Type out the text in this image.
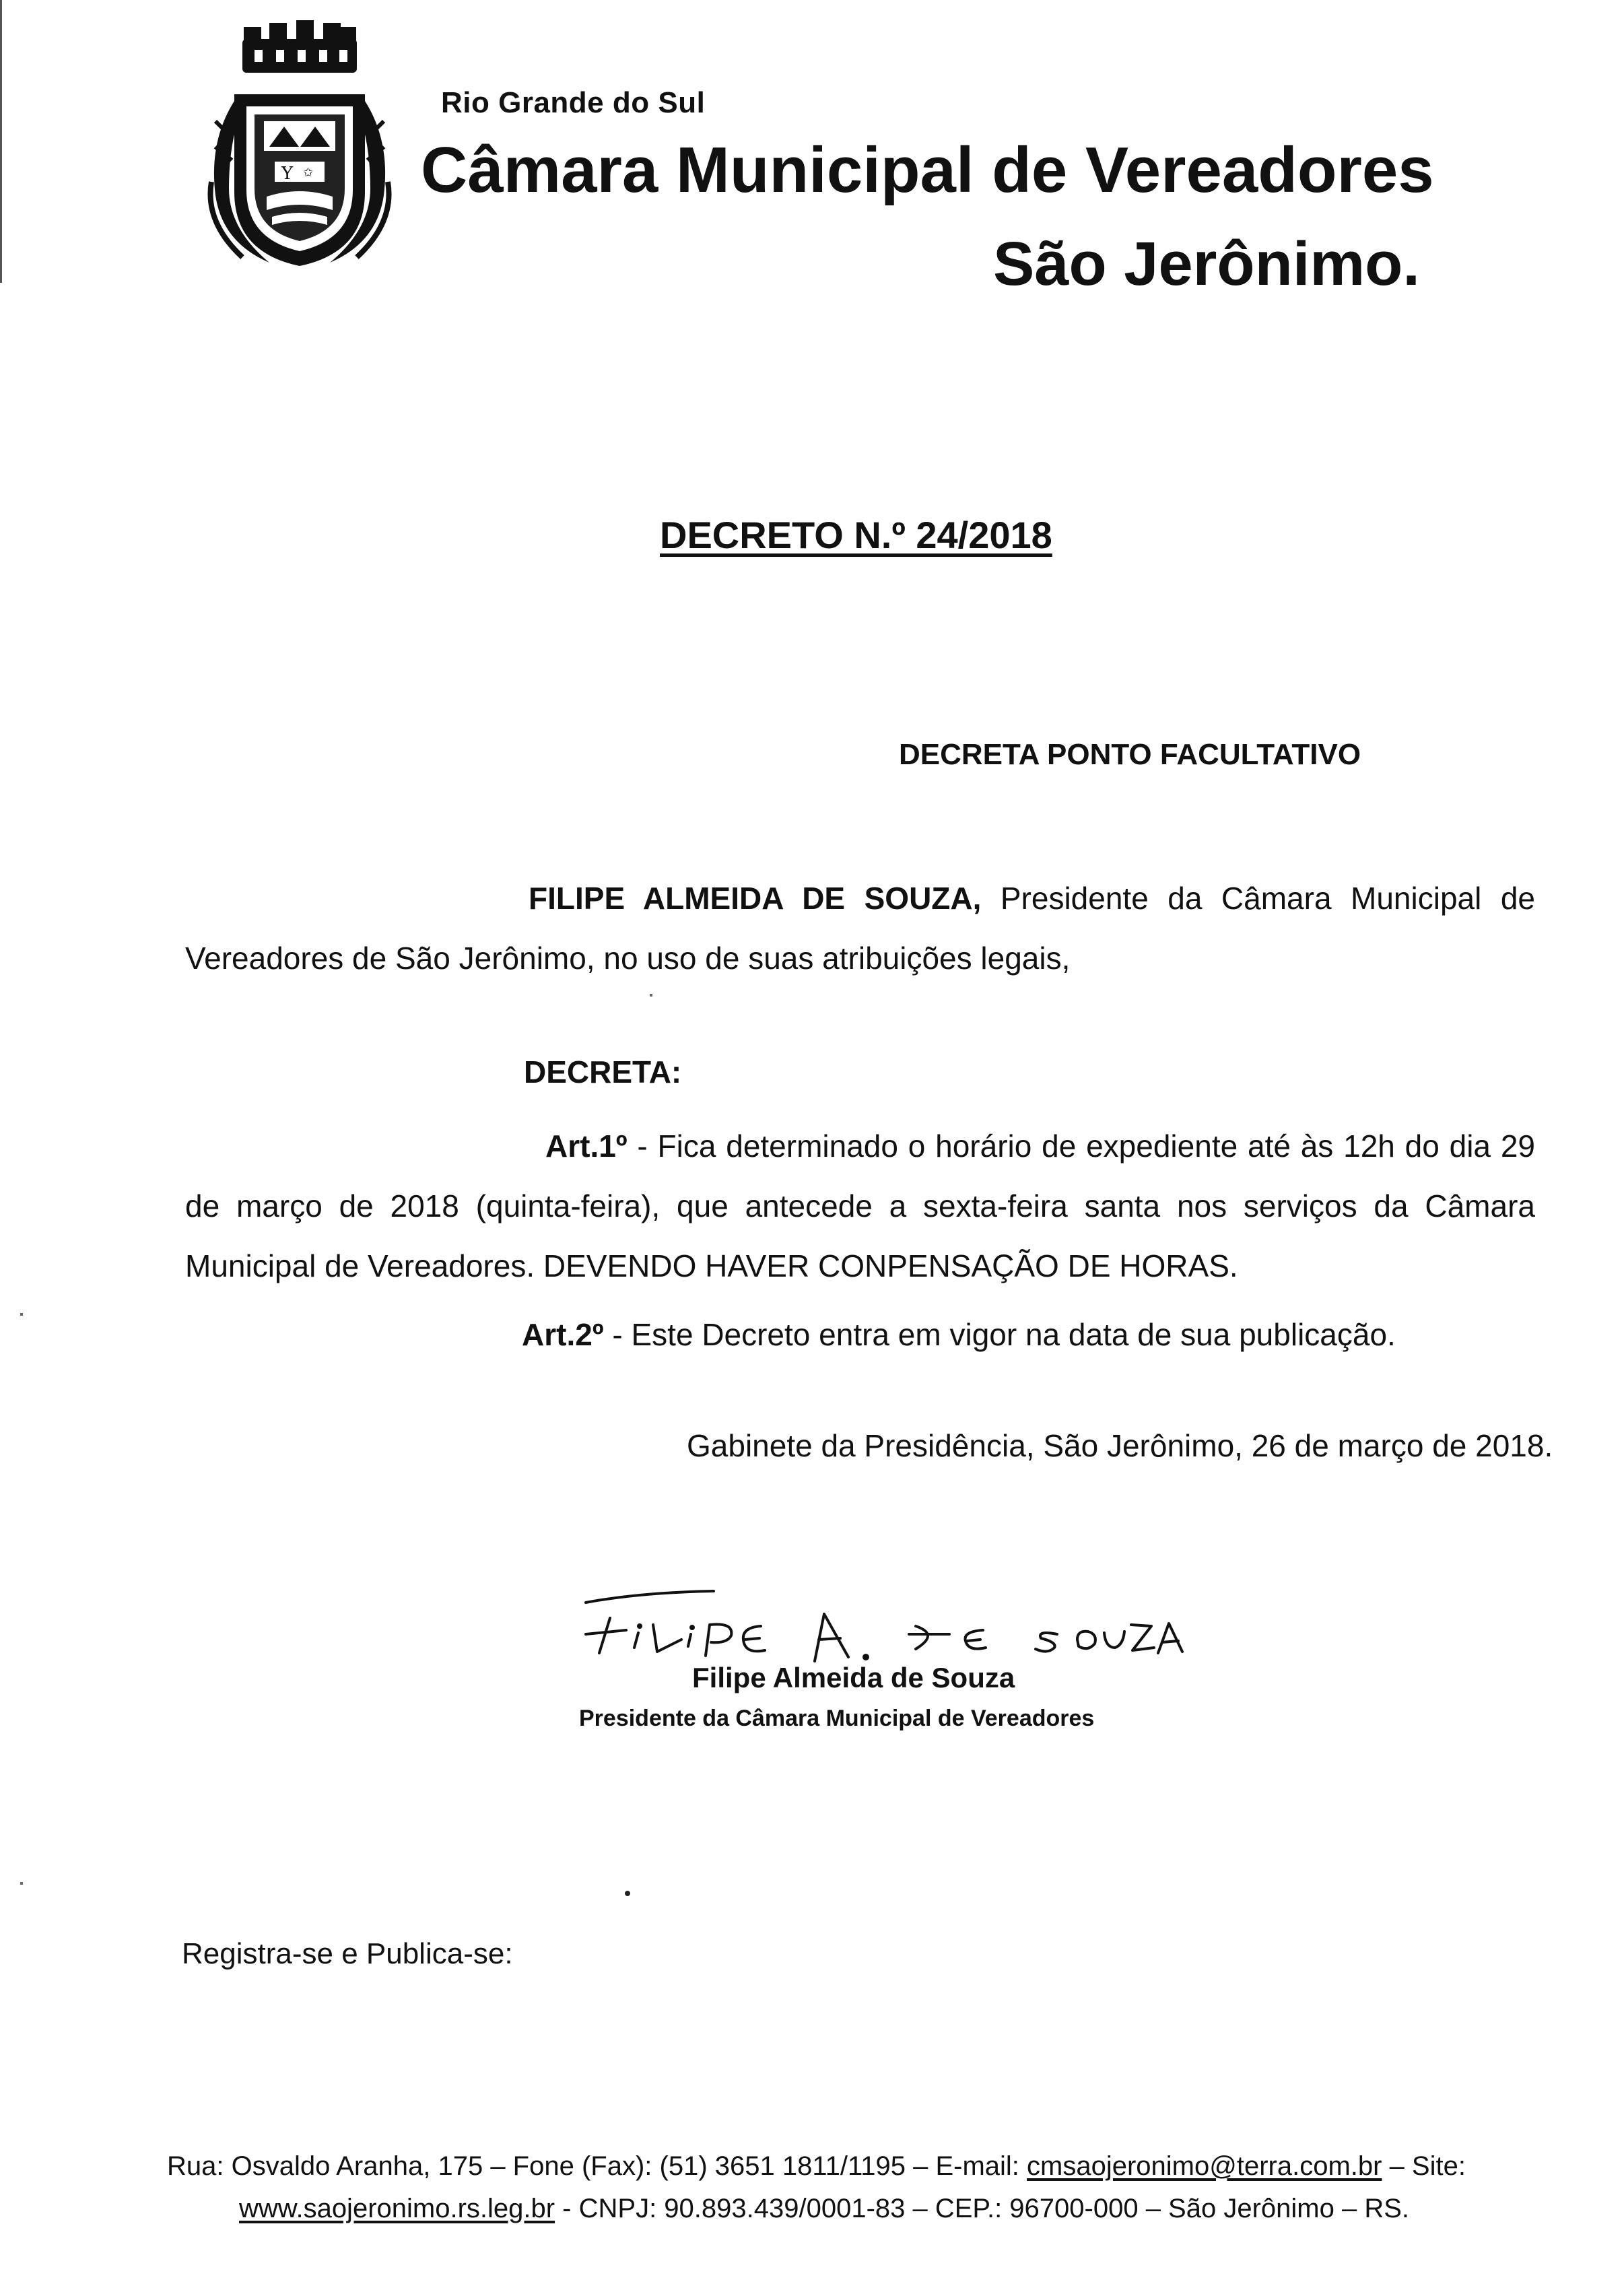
Y ✩
Rio Grande do Sul
Câmara Municipal de Vereadores
São Jerônimo.
DECRETO N.º 24/2018
DECRETA PONTO FACULTATIVO
FILIPE ALMEIDA DE SOUZA, Presidente da Câmara Municipal de Vereadores de São Jerônimo, no uso de suas atribuições legais,
DECRETA:
Art.1º - Fica determinado o horário de expediente até às 12h do dia 29 de março de 2018 (quinta-feira), que antecede a sexta-feira santa nos serviços da Câmara Municipal de Vereadores. DEVENDO HAVER CONPENSAÇÃO DE HORAS.
Art.2º - Este Decreto entra em vigor na data de sua publicação.
Gabinete da Presidência, São Jerônimo, 26 de março de 2018.
Filipe Almeida de Souza
Presidente da Câmara Municipal de Vereadores
Registra-se e Publica-se:
Rua: Osvaldo Aranha, 175 – Fone (Fax): (51) 3651 1811/1195 – E-mail: cmsaojeronimo@terra.com.br – Site:
www.saojeronimo.rs.leg.br - CNPJ: 90.893.439/0001-83 – CEP.: 96700-000 – São Jerônimo – RS.
